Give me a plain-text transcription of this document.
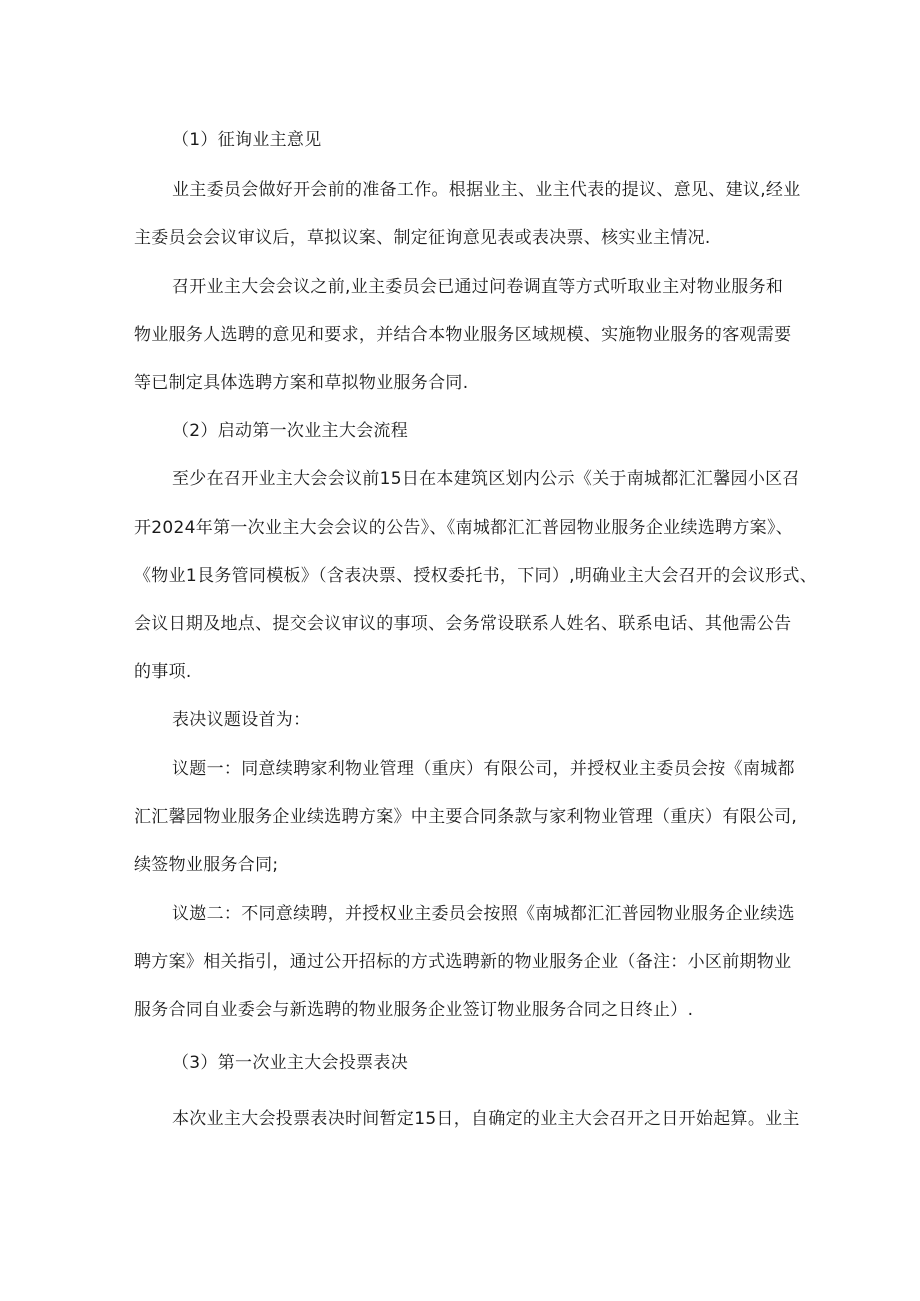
（1）征询业主意见
业主委员会做好开会前的准备工作。根据业主、业主代表的提议、意见、建议,经业
主委员会会议审议后，草拟议案、制定征询意见表或表决票、核实业主情况.
召开业主大会会议之前,业主委员会已通过问卷调直等方式听取业主对物业服务和
物业服务人选聘的意见和要求，并结合本物业服务区域规模、实施物业服务的客观需要
等已制定具体选聘方案和草拟物业服务合同.
（2）启动第一次业主大会流程
至少在召开业主大会会议前15日在本建筑区划内公示《关于南城都汇汇馨园小区召
开2024年第一次业主大会会议的公告》、《南城都汇汇普园物业服务企业续选聘方案》、
《物业1艮务管同模板》（含表决票、授权委托书，下同）,明确业主大会召开的会议形式、
会议日期及地点、提交会议审议的事项、会务常设联系人姓名、联系电话、其他需公告
的事项.
表决议题设首为：
议题一：同意续聘家利物业管理（重庆）有限公司，并授权业主委员会按《南城都
汇汇馨园物业服务企业续选聘方案》中主要合同条款与家利物业管理（重庆）有限公司,
续签物业服务合同;
议遨二：不同意续聘，并授权业主委员会按照《南城都汇汇普园物业服务企业续选
聘方案》相关指引，通过公开招标的方式选聘新的物业服务企业（备注：小区前期物业
服务合同自业委会与新选聘的物业服务企业签订物业服务合同之日终止）.
（3）第一次业主大会投票表决
本次业主大会投票表决时间暂定15日，自确定的业主大会召开之日开始起算。业主
